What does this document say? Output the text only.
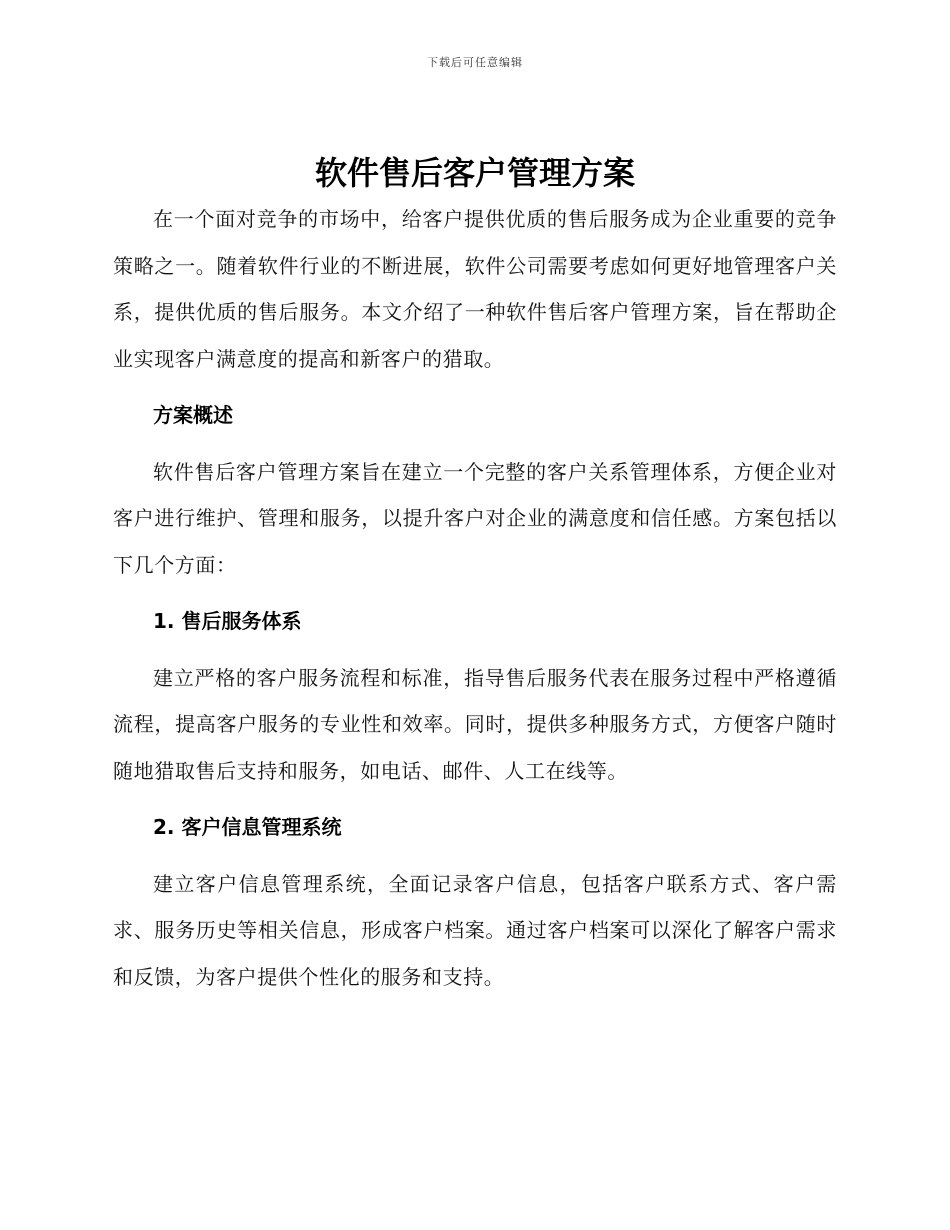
下载后可任意编辑
软件售后客户管理方案

在一个面对竞争的市场中，给客户提供优质的售后服务成为企业重要的竞争策略之一。随着软件行业的不断进展，软件公司需要考虑如何更好地管理客户关系，提供优质的售后服务。本文介绍了一种软件售后客户管理方案，旨在帮助企业实现客户满意度的提高和新客户的猎取。

方案概述

软件售后客户管理方案旨在建立一个完整的客户关系管理体系，方便企业对客户进行维护、管理和服务，以提升客户对企业的满意度和信任感。方案包括以下几个方面：

1. 售后服务体系

建立严格的客户服务流程和标准，指导售后服务代表在服务过程中严格遵循流程，提高客户服务的专业性和效率。同时，提供多种服务方式，方便客户随时随地猎取售后支持和服务，如电话、邮件、人工在线等。

2. 客户信息管理系统

建立客户信息管理系统，全面记录客户信息，包括客户联系方式、客户需求、服务历史等相关信息，形成客户档案。通过客户档案可以深化了解客户需求和反馈，为客户提供个性化的服务和支持。
